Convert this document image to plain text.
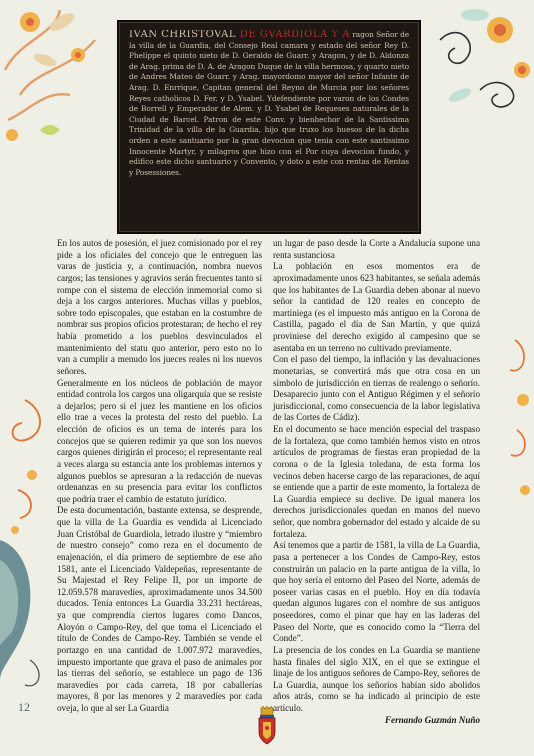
IVAN CHRISTOVAL DE GVARDIOLA Y A ragon Señor de la villa de la Guardia, del Consejo Real camara y estado del señor Rey D. Phelippe el quinto nieto de D. Geraldo de Guarr. y Aragon, y de D. Aldonza de Arag. prima de D. A. de Aragon Duque de la villa hermosa, y quarto nieto de Andres Mateo de Guarr. y Arag. mayordomo mayor del señor Infante de Arag. D. Enrrique, Capitan general del Reyno de Murcia por los señores Reyes catholicos D. Fer. y D. Ysabel. Ydefendiente por varon de los Condes de Borrell y Emperador de Alem. y D. Ysabel de Requeses naturales de la Ciudad de Barcel. Patron de este Conv. y bienhechor de la Santissima Trinidad de la villa de la Guardia, hijo que truxo los huesos de la dicha orden a este santuario por la gran devocion que tenia con este santissimo Innocente Martyr, y milagros que hizo con el Por cuya devocion fundo, y edifico este dicho santuario y Convento, y doto a este con rentas de Rentas y Posessiones.

En los autos de posesión, el juez comisionado por el rey pide a los oficiales del concejo que le entreguen las varas de justicia y, a continuación, nombra nuevos cargos; las tensiones y agravios serán frecuentes tanto si rompe con el sistema de elección inmemorial como si deja a los cargos anteriores. Muchas villas y pueblos, sobre todo episcopales, que estaban en la costumbre de nombrar sus propios oficios protestaran; de hecho el rey había prometido a los pueblos desvinculados el mantenimiento del statu quo anterior, pero esto no lo van a cumplir a menudo los jueces reales ni los nuevos señores.

Generalmente en los núcleos de población de mayor entidad controla los cargos una oligarquía que se resiste a dejarlos; pero si el juez les mantiene en los oficios ello trae a veces la protesta del resto del pueblo. La elección de oficios es un tema de interés para los concejos que se quieren redimir ya que son los nuevos cargos quienes dirigirán el proceso; el representante real a veces alarga su estancia ante los problemas internos y algunos pueblos se apresuran a la redacción de nuevas ordenanzas en su presencia para evitar los conflictos que podría traer el cambio de estatuto jurídico.

De esta documentación, bastante extensa, se desprende, que la villa de La Guardia es vendida al Licenciado Juan Cristóbal de Guardiola, letrado ilustre y “miembro de nuestro consejo” como reza en el documento de enajenación, el día primero de septiembre de ese año 1581, ante el Licenciado Valdepeñas, representante de Su Majestad el Rey Felipe II, por un importe de 12.059.578 maravedíes, aproximadamente unos 34.500 ducados. Tenía entonces La Guardia 33.231 hectáreas, ya que comprendía ciertos lugares como Dancos, Aloyón o Campo-Rey, del que toma el Licenciado el título de Condes de Campo-Rey. También se vende el portazgo en una cantidad de 1.007.972 maravedíes, impuesto importante que grava el paso de animales por las tierras del señorío, se establece un pago de 136 maravedíes por cada carreta, 18 por caballerías mayores, 8 por las menores y 2 maravedíes por cada oveja, lo que al ser La Guardia

un lugar de paso desde la Corte a Andalucía supone una renta sustanciosa

La población en esos momentos era de aproximadamente unos 623 habitantes, se señala además que los habitantes de La Guardia deben abonar al nuevo señor la cantidad de 120 reales en concepto de martiniega (es el impuesto más antiguo en la Corona de Castilla, pagado el día de San Martín, y que quizá proviniese del derecho exigido al campesino que se asentaba en un terreno no cultivado previamente.

Con el paso del tiempo, la inflación y las devaluaciones monetarias, se convertirá más que otra cosa en un símbolo de jurisdicción en tierras de realengo o señorío. Desaparecio junto con el Antiguo Régimen y el señorío jurisdiccional, como consecuencia de la labor legislativa de las Cortes de Cádiz).

En el documento se hace mención especial del traspaso de la fortaleza, que como también hemos visto en otros artículos de programas de fiestas eran propiedad de la corona o de la Iglesia toledana, de esta forma los vecinos deben hacerse cargo de las reparaciones, de aquí se entiende que a partir de este momento, la fortaleza de La Guardia empiece su declive. De igual manera los derechos jurisdiccionales quedan en manos del nuevo señor, que nombra gobernador del estado y alcaide de su fortaleza.

Así tenemos que a partir de 1581, la villa de La Guardia, pasa a pertenecer a los Condes de Campo-Rey, estos construirán un palacio en la parte antigua de la villa, lo que hoy sería el entorno del Paseo del Norte, además de poseer varias casas en el pueblo. Hoy en día todavía quedan algunos lugares con el nombre de sus antiguos poseedores, como el pinar que hay en las laderas del Paseo del Norte, que es conocido como la “Tierra del Conde”.

La presencia de los condes en La Guardia se mantiene hasta finales del siglo XIX, en el que se extingue el linaje de los antiguos señores de Campo-Rey, señores de La Guardia, aunque los señoríos habían sido abolidos años atrás, como se ha indicado al principio de este artículo.

Fernando Guzmán Nuño

12
